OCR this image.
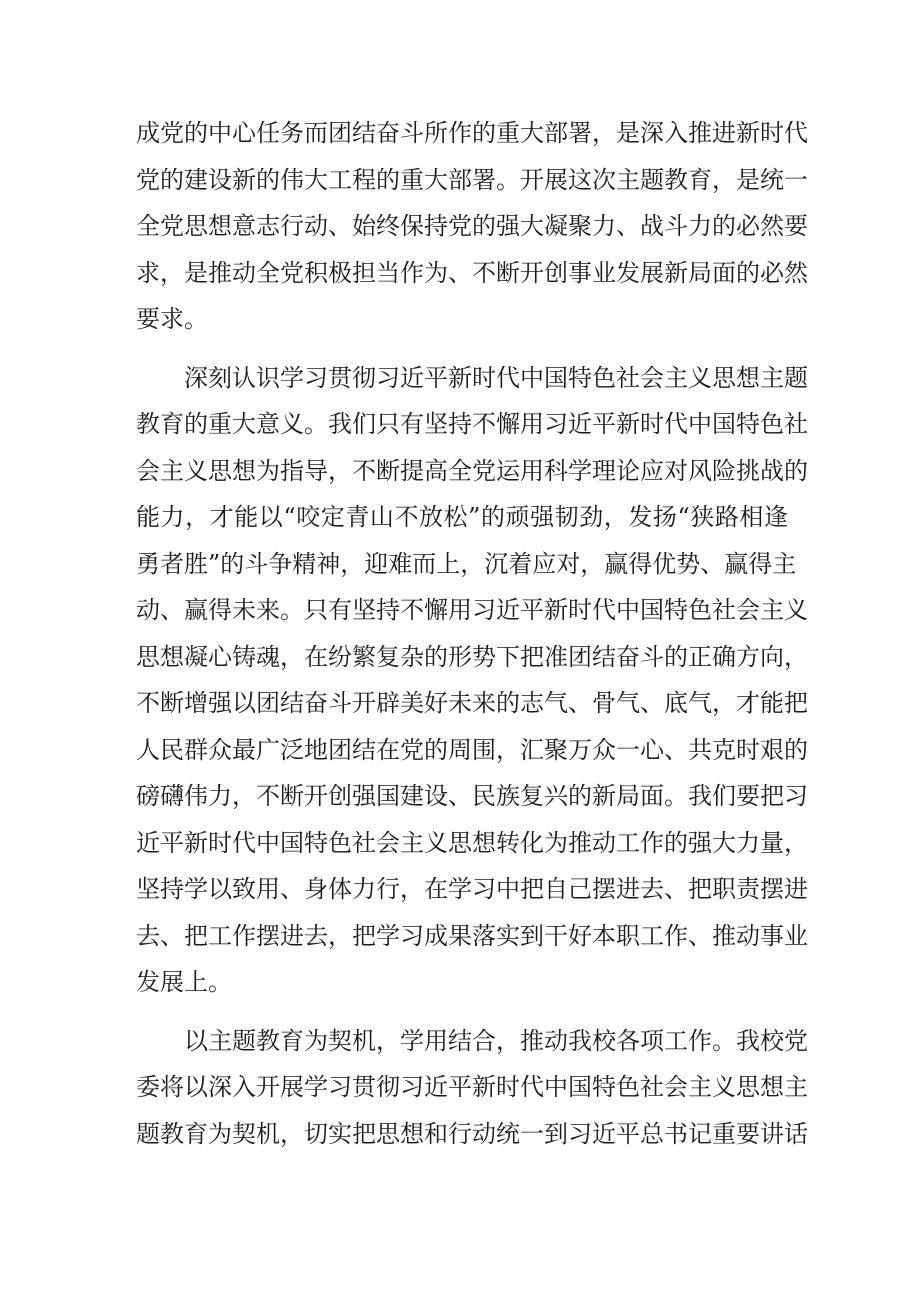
成党的中心任务而团结奋斗所作的重大部署，是深入推进新时代
党的建设新的伟大工程的重大部署。开展这次主题教育，是统一
全党思想意志行动、始终保持党的强大凝聚力、战斗力的必然要
求，是推动全党积极担当作为、不断开创事业发展新局面的必然
要求。
深刻认识学习贯彻习近平新时代中国特色社会主义思想主题
教育的重大意义。我们只有坚持不懈用习近平新时代中国特色社
会主义思想为指导，不断提高全党运用科学理论应对风险挑战的
能力，才能以“咬定青山不放松”的顽强韧劲，发扬“狭路相逢
勇者胜”的斗争精神，迎难而上，沉着应对，赢得优势、赢得主
动、赢得未来。只有坚持不懈用习近平新时代中国特色社会主义
思想凝心铸魂，在纷繁复杂的形势下把准团结奋斗的正确方向，
不断增强以团结奋斗开辟美好未来的志气、骨气、底气，才能把
人民群众最广泛地团结在党的周围，汇聚万众一心、共克时艰的
磅礴伟力，不断开创强国建设、民族复兴的新局面。我们要把习
近平新时代中国特色社会主义思想转化为推动工作的强大力量，
坚持学以致用、身体力行，在学习中把自己摆进去、把职责摆进
去、把工作摆进去，把学习成果落实到干好本职工作、推动事业
发展上。
以主题教育为契机，学用结合，推动我校各项工作。我校党
委将以深入开展学习贯彻习近平新时代中国特色社会主义思想主
题教育为契机，切实把思想和行动统一到习近平总书记重要讲话
